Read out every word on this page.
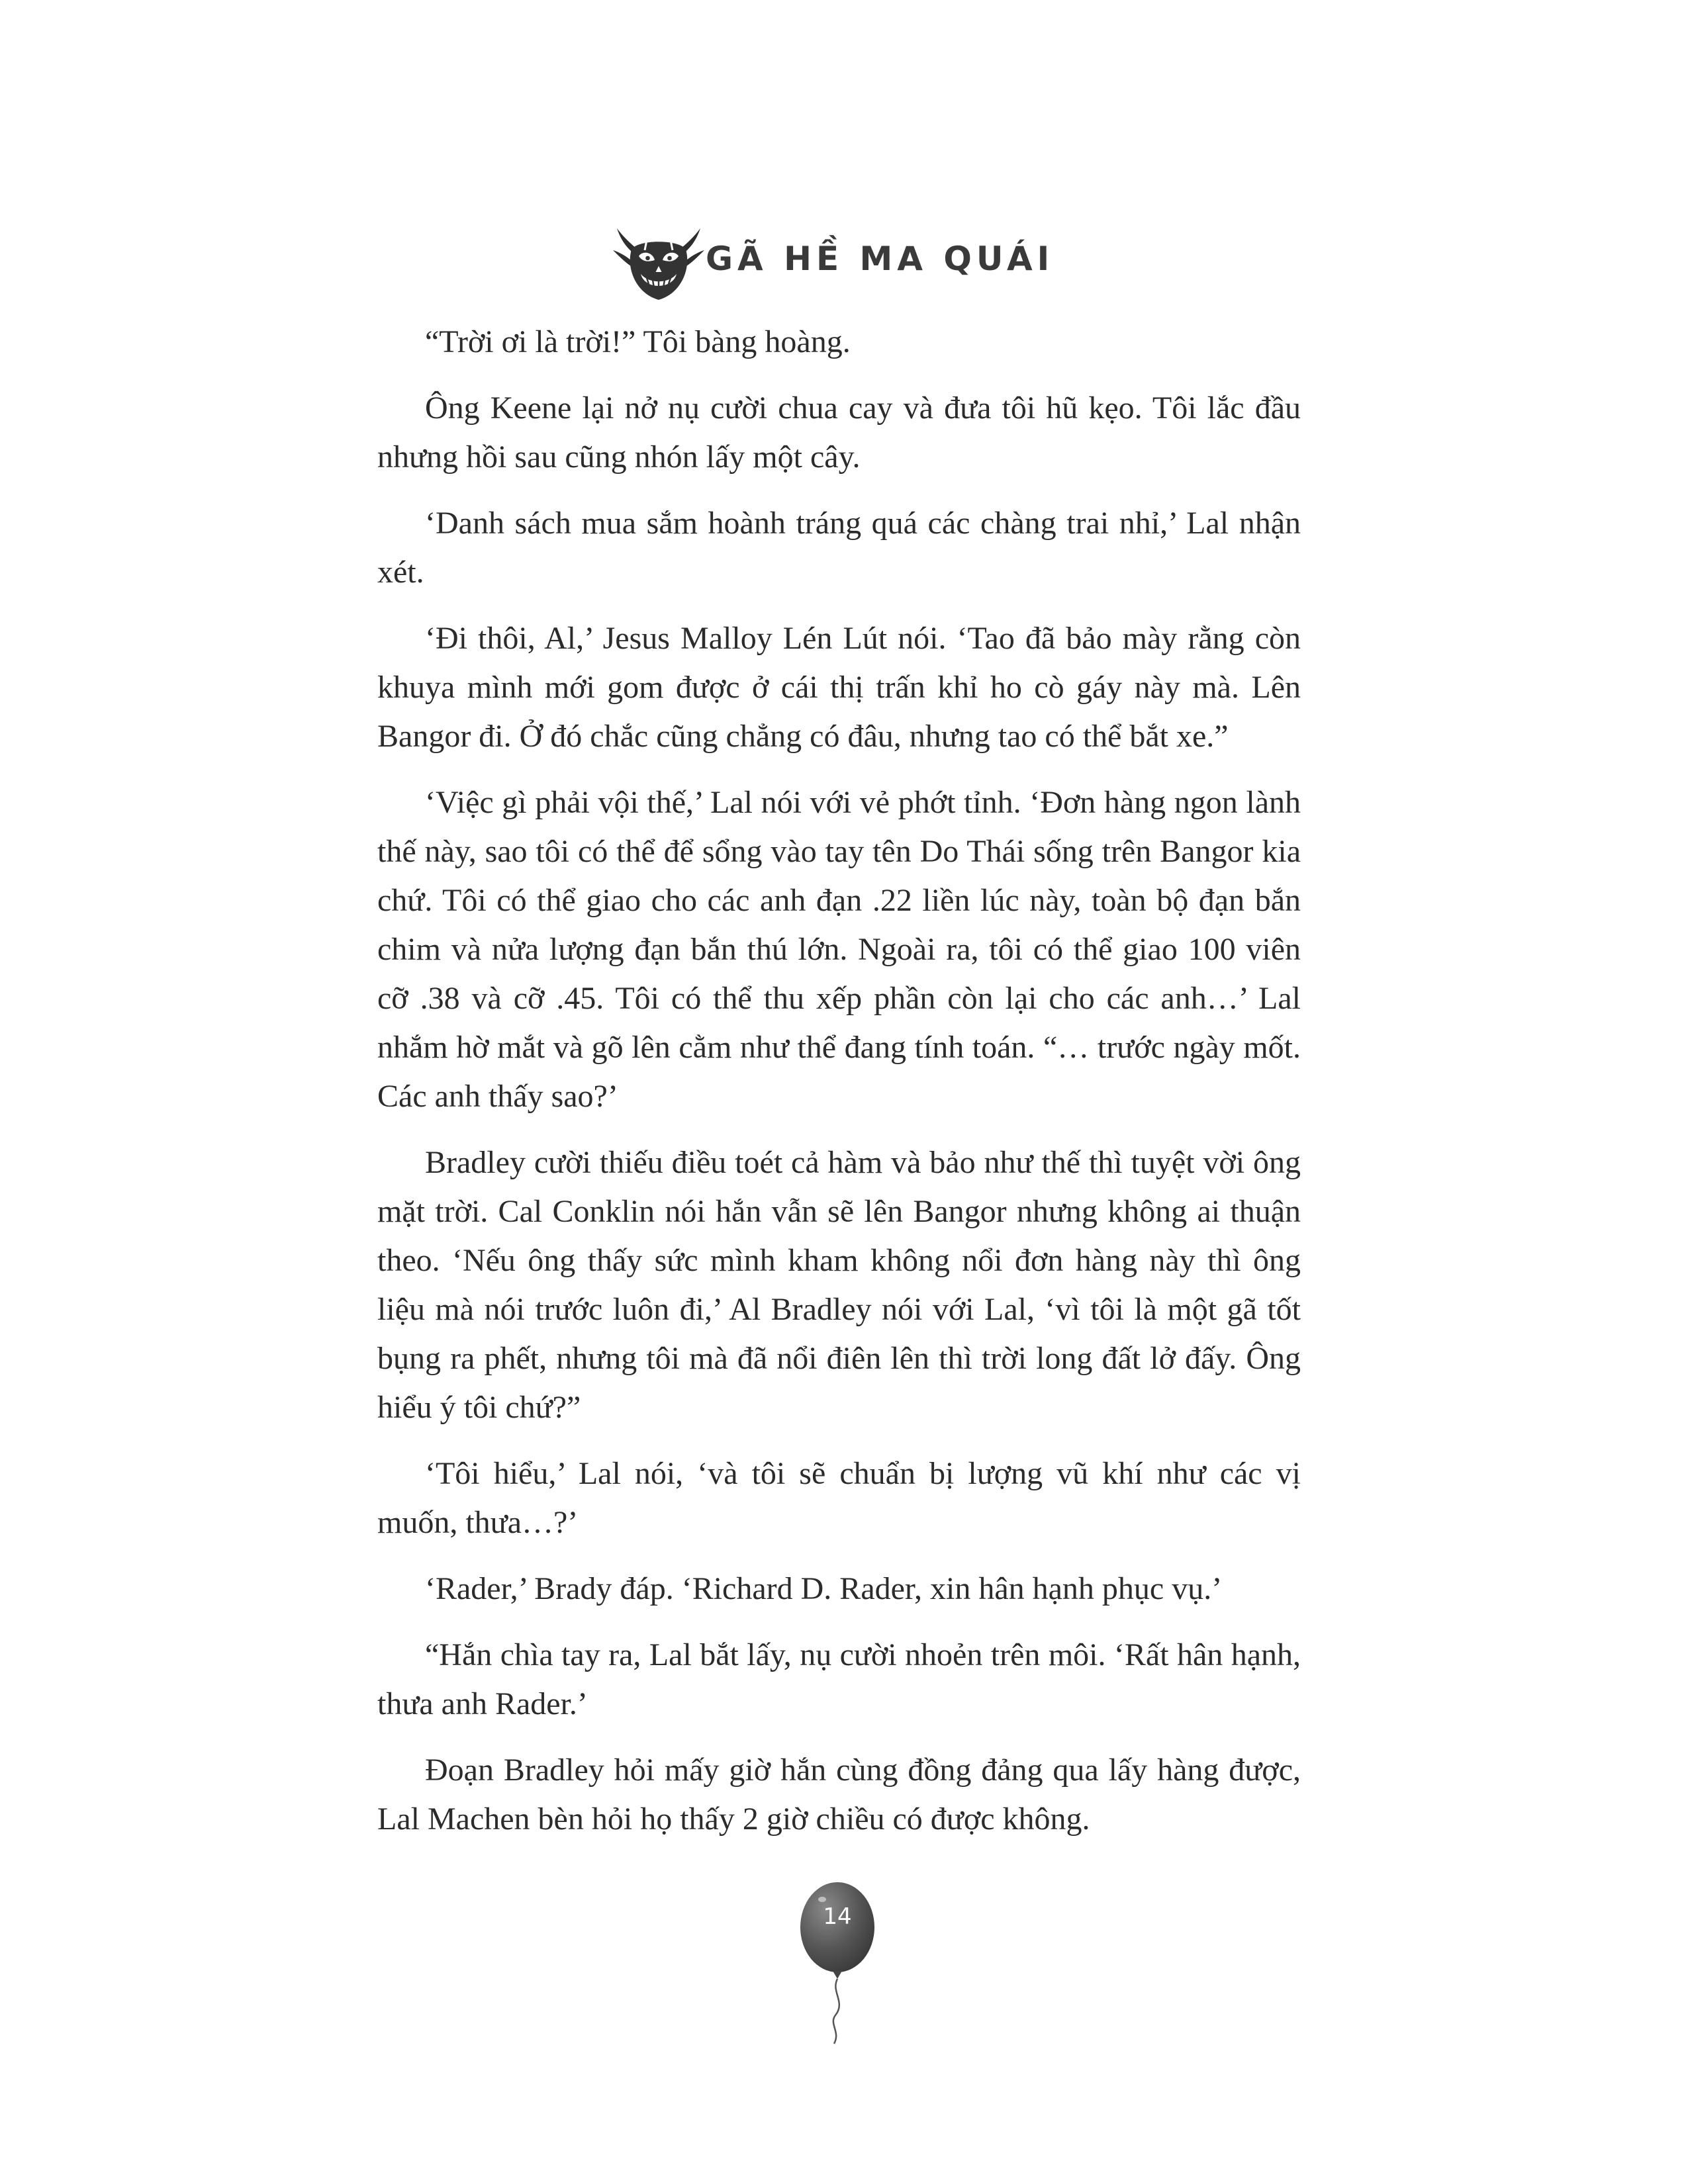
GÃ HỀ MA QUÁI

“Trời ơi là trời!” Tôi bàng hoàng.

Ông Keene lại nở nụ cười chua cay và đưa tôi hũ kẹo. Tôi lắc đầu nhưng hồi sau cũng nhón lấy một cây.

‘Danh sách mua sắm hoành tráng quá các chàng trai nhỉ,’ Lal nhận xét.

‘Đi thôi, Al,’ Jesus Malloy Lén Lút nói. ‘Tao đã bảo mày rằng còn khuya mình mới gom được ở cái thị trấn khỉ ho cò gáy này mà. Lên Bangor đi. Ở đó chắc cũng chẳng có đâu, nhưng tao có thể bắt xe.”

‘Việc gì phải vội thế,’ Lal nói với vẻ phớt tỉnh. ‘Đơn hàng ngon lành thế này, sao tôi có thể để sổng vào tay tên Do Thái sống trên Bangor kia chứ. Tôi có thể giao cho các anh đạn .22 liền lúc này, toàn bộ đạn bắn chim và nửa lượng đạn bắn thú lớn. Ngoài ra, tôi có thể giao 100 viên cỡ .38 và cỡ .45. Tôi có thể thu xếp phần còn lại cho các anh…’ Lal nhắm hờ mắt và gõ lên cằm như thể đang tính toán. “… trước ngày mốt. Các anh thấy sao?’

Bradley cười thiếu điều toét cả hàm và bảo như thế thì tuyệt vời ông mặt trời. Cal Conklin nói hắn vẫn sẽ lên Bangor nhưng không ai thuận theo. ‘Nếu ông thấy sức mình kham không nổi đơn hàng này thì ông liệu mà nói trước luôn đi,’ Al Bradley nói với Lal, ‘vì tôi là một gã tốt bụng ra phết, nhưng tôi mà đã nổi điên lên thì trời long đất lở đấy. Ông hiểu ý tôi chứ?”

‘Tôi hiểu,’ Lal nói, ‘và tôi sẽ chuẩn bị lượng vũ khí như các vị muốn, thưa…?’

‘Rader,’ Brady đáp. ‘Richard D. Rader, xin hân hạnh phục vụ.’

“Hắn chìa tay ra, Lal bắt lấy, nụ cười nhoẻn trên môi. ‘Rất hân hạnh, thưa anh Rader.’

Đoạn Bradley hỏi mấy giờ hắn cùng đồng đảng qua lấy hàng được, Lal Machen bèn hỏi họ thấy 2 giờ chiều có được không.

14
